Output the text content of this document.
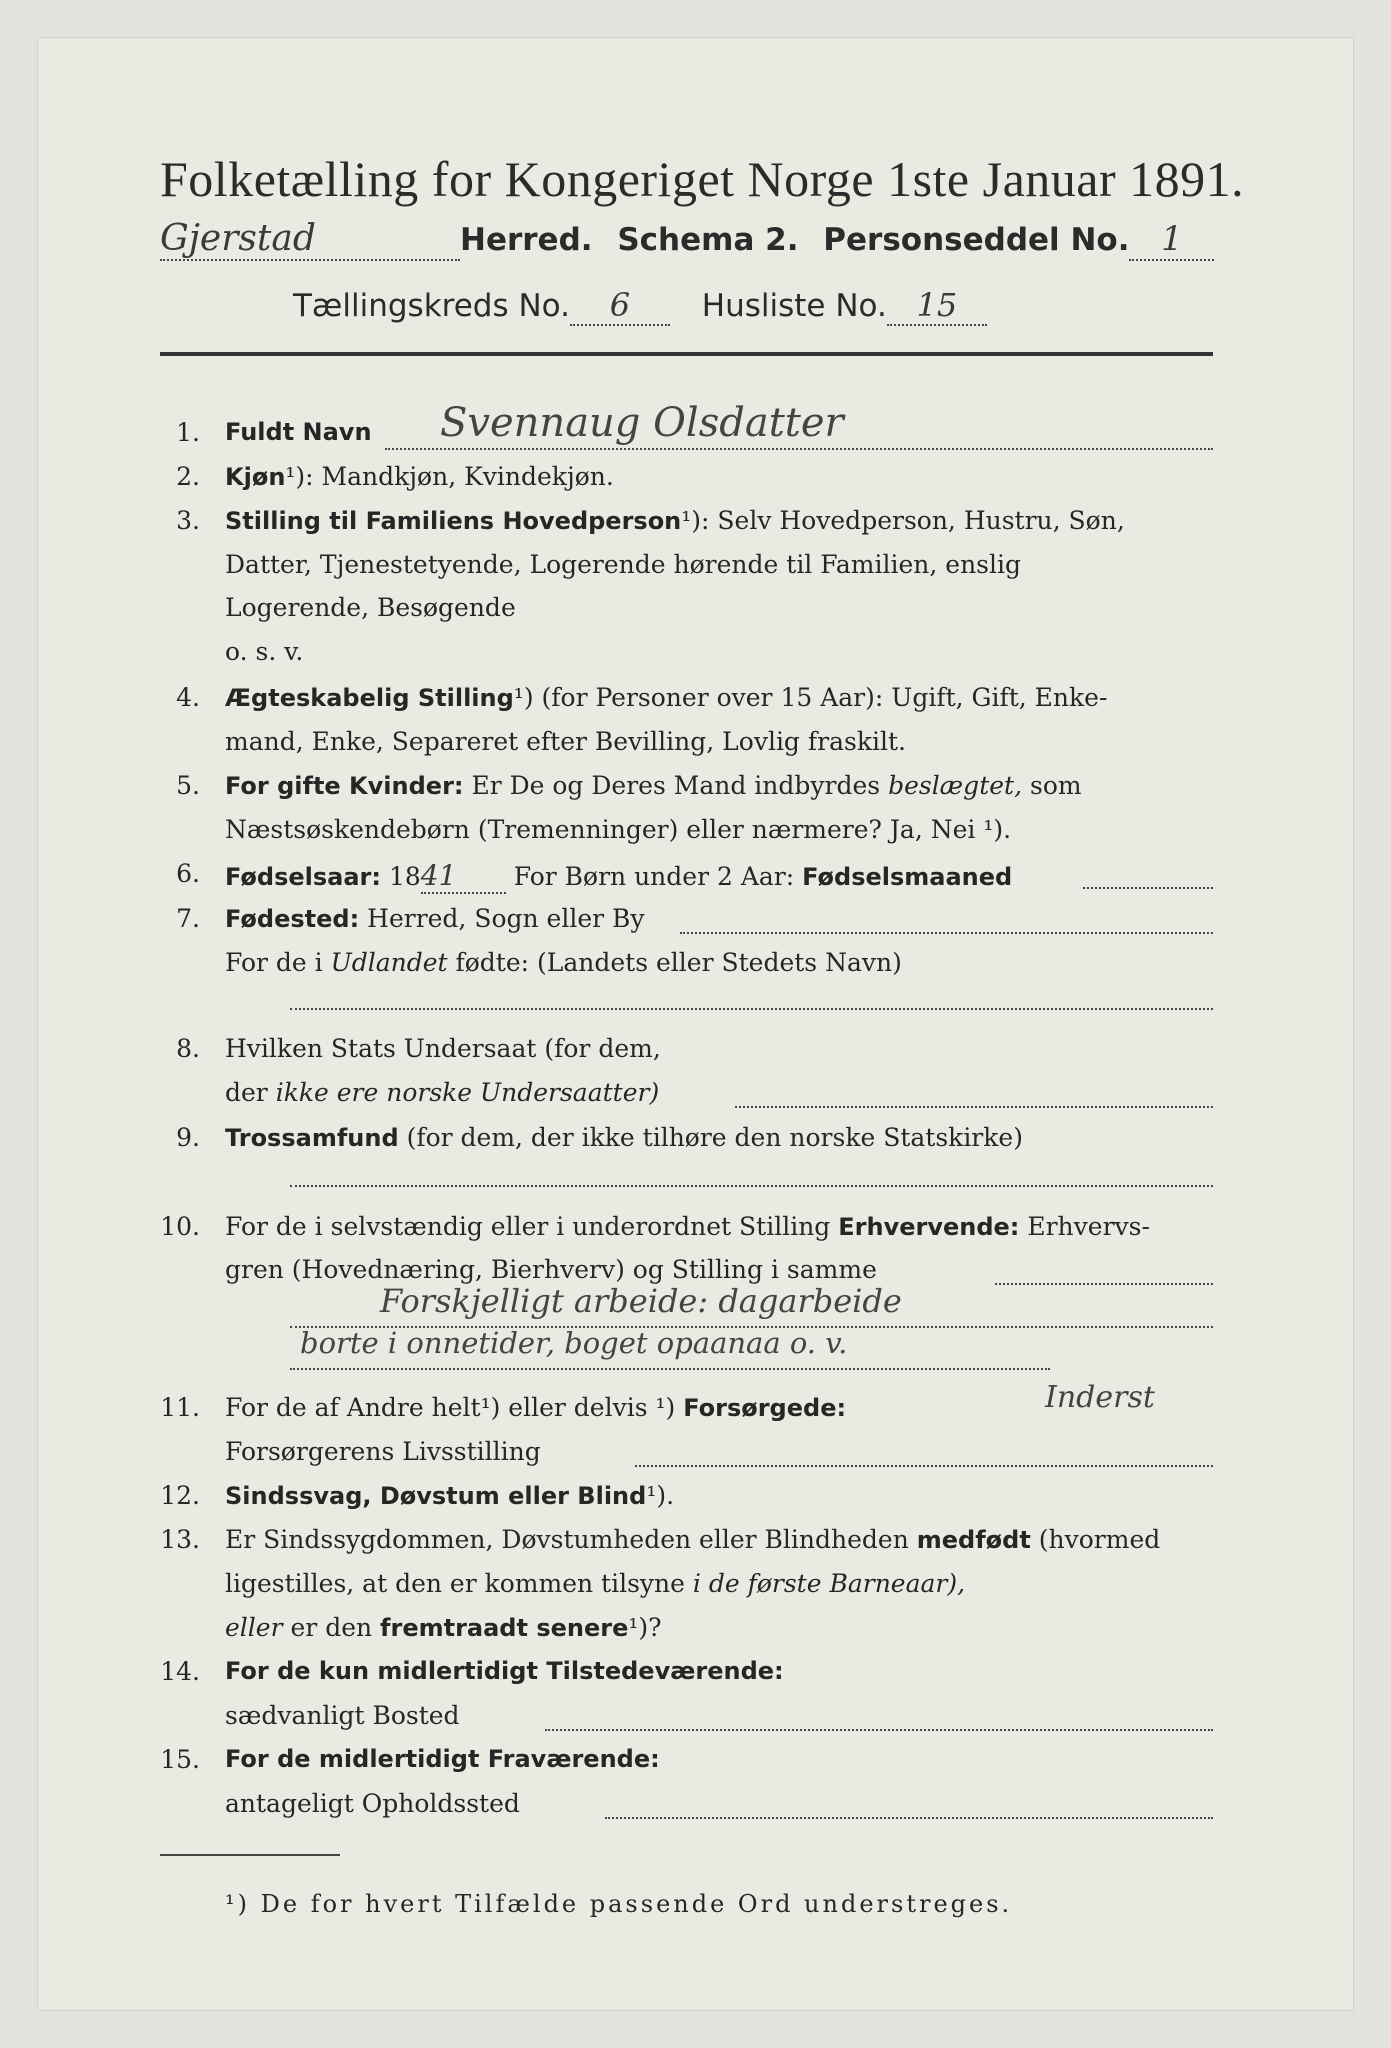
Folketælling for Kongeriget Norge 1ste Januar 1891.
Gjerstad	Herred. Schema 2. Personseddel No. 1
Tællingskreds No. 6 Husliste No. 15
1. Fuldt Navn Svennaug Olsdatter
2. Kjøn¹): Mandkjøn, Kvindekjøn.
3. Stilling til Familiens Hovedperson¹): Selv Hovedperson, Hustru, Søn,
Datter, Tjenestetyende, Logerende hørende til Familien, enslig
Logerende, Besøgende
o. s. v.
4. Ægteskabelig Stilling¹) (for Personer over 15 Aar): Ugift, Gift, Enke-
mand, Enke, Separeret efter Bevilling, Lovlig fraskilt.
5. For gifte Kvinder: Er De og Deres Mand indbyrdes beslægtet, som
Næstsøskendebørn (Tremenninger) eller nærmere? Ja, Nei ¹).
6. Fødselsaar: 1841 For Børn under 2 Aar: Fødselsmaaned
7. Fødested: Herred, Sogn eller By
For de i Udlandet fødte: (Landets eller Stedets Navn)
8. Hvilken Stats Undersaat (for dem,
der ikke ere norske Undersaatter)
9. Trossamfund (for dem, der ikke tilhøre den norske Statskirke)
10. For de i selvstændig eller i underordnet Stilling Erhvervende: Erhvervs-
gren (Hovednæring, Bierhverv) og Stilling i samme
Forskjelligt arbeide: dagarbeide
borte i onnetider, boget opaanaa o. v.
Inderst
11. For de af Andre helt¹) eller delvis ¹) Forsørgede:
Forsørgerens Livsstilling
12. Sindssvag, Døvstum eller Blind¹).
13. Er Sindssygdommen, Døvstumheden eller Blindheden medfødt (hvormed
ligestilles, at den er kommen tilsyne i de første Barneaar),
eller er den fremtraadt senere¹)?
14. For de kun midlertidigt Tilstedeværende:
sædvanligt Bosted
15. For de midlertidigt Fraværende:
antageligt Opholdssted
¹) De for hvert Tilfælde passende Ord understreges.
